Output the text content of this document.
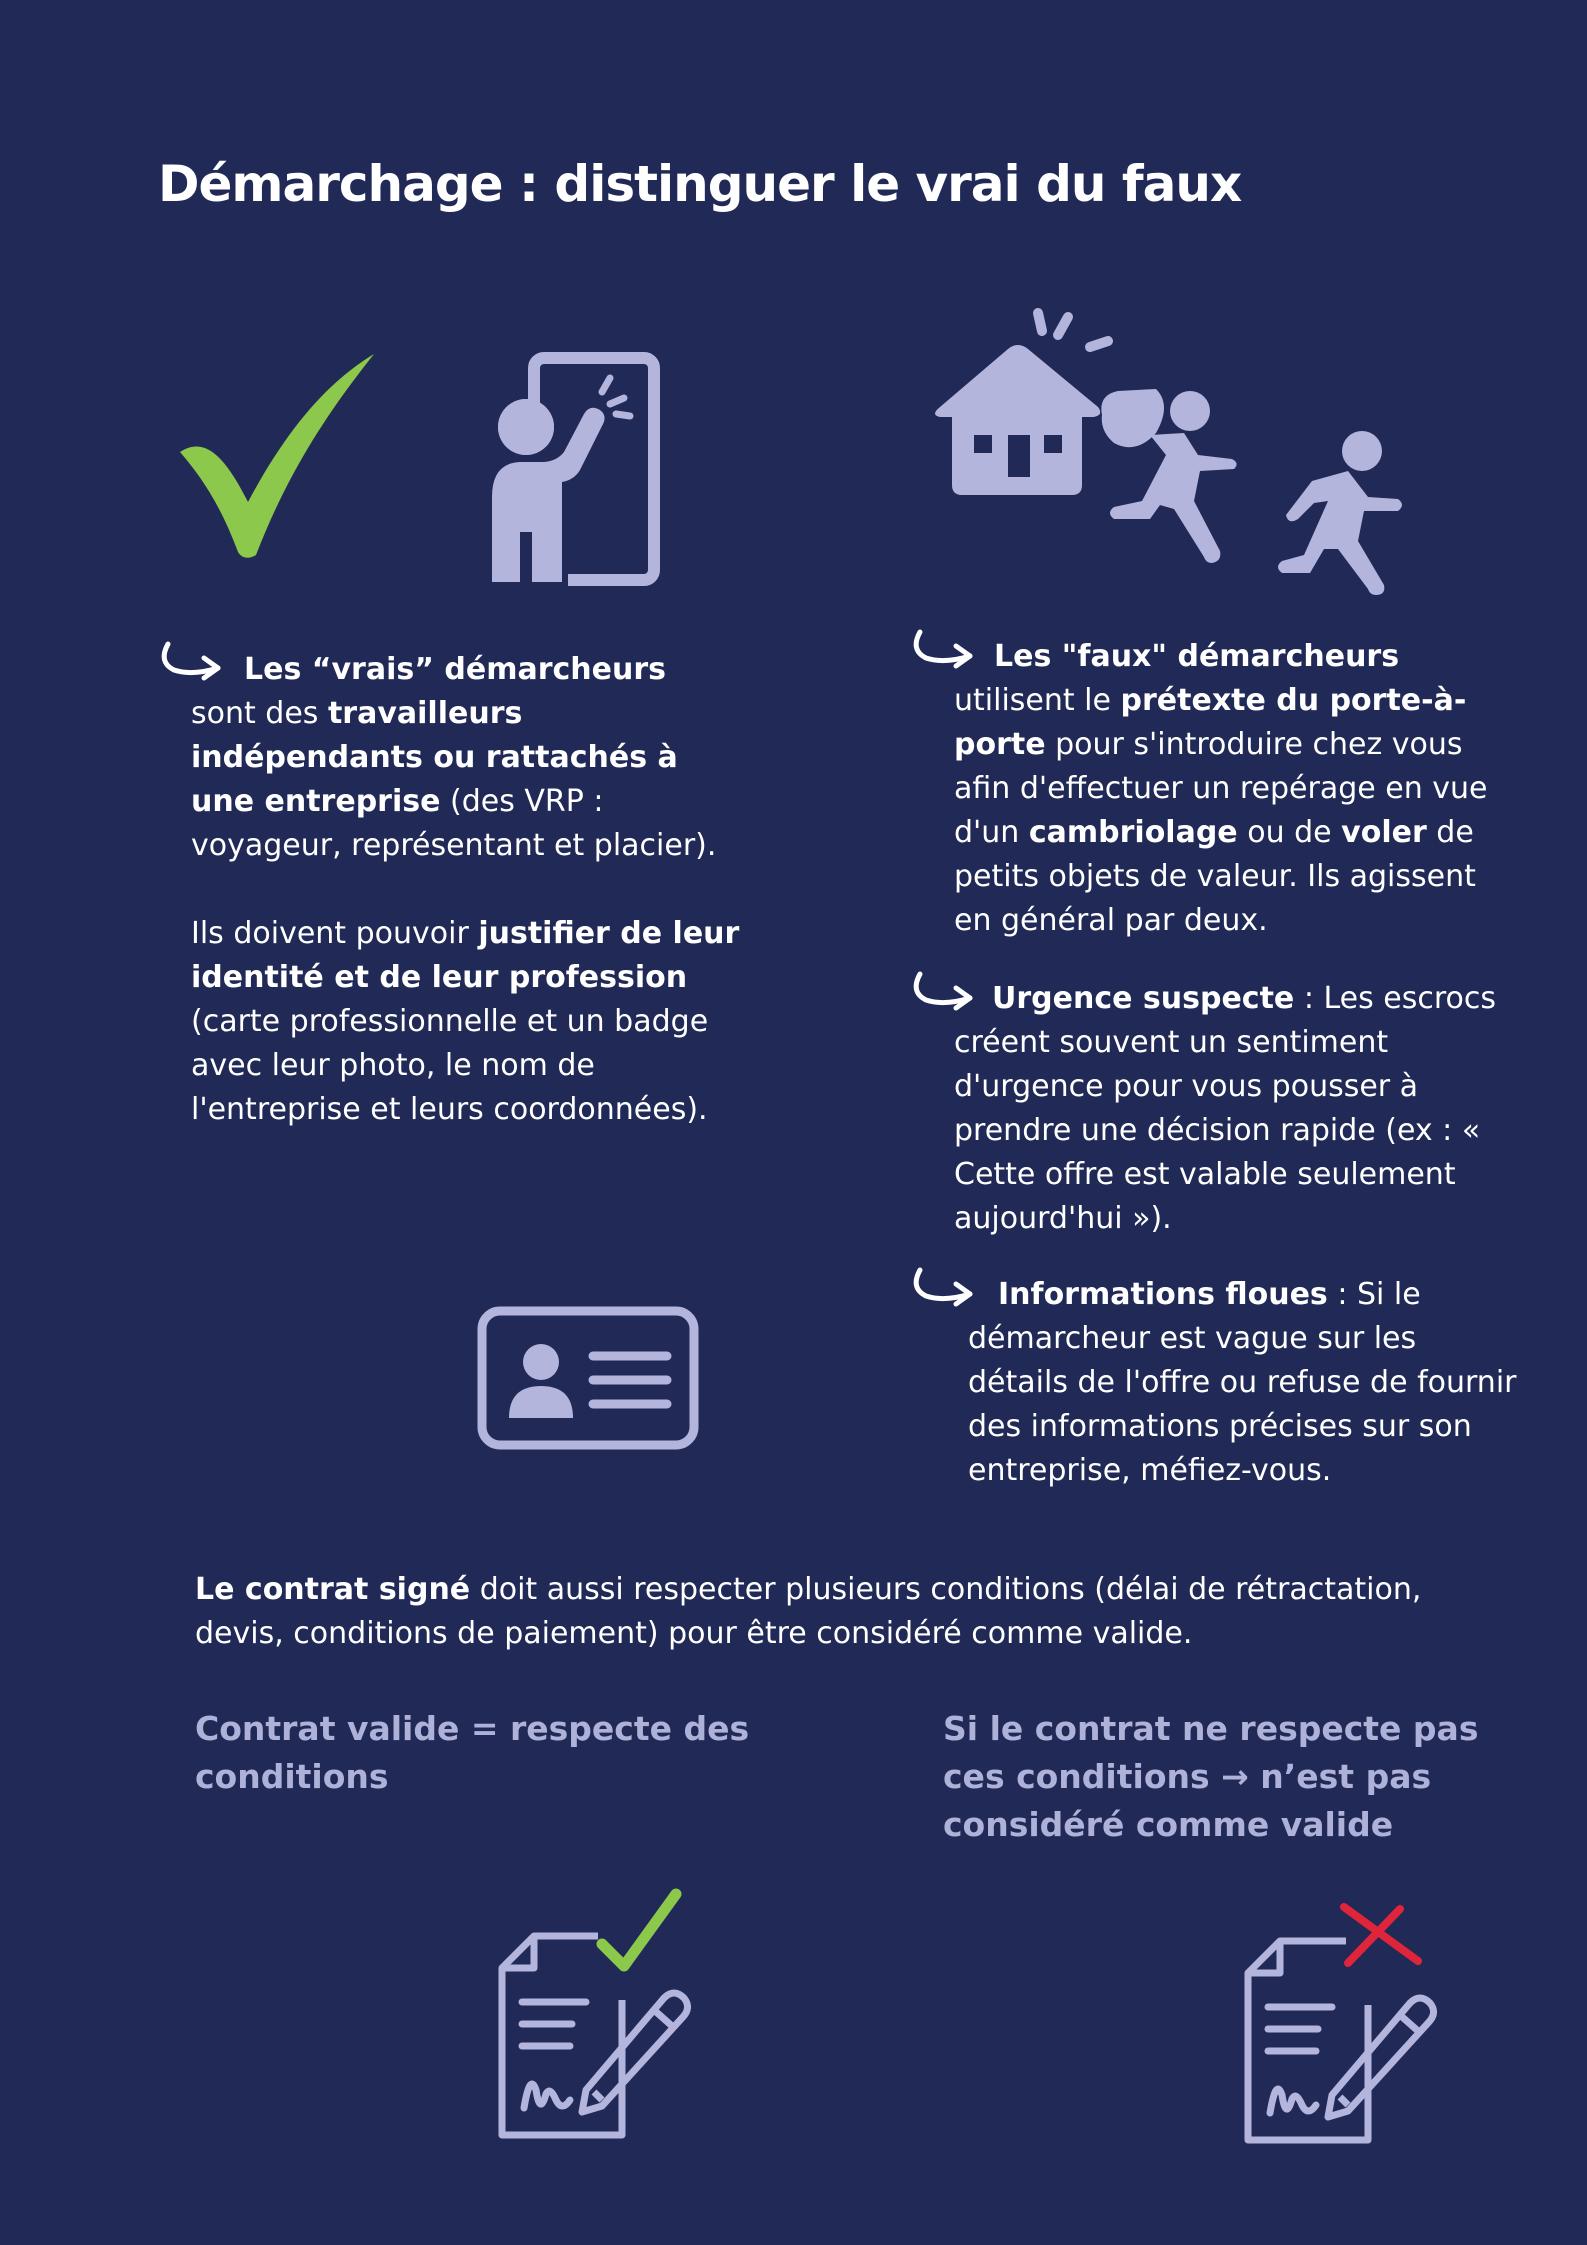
Démarchage : distinguer le vrai du faux

Les “vrais” démarcheurs
sont des travailleurs indépendants ou rattachés à une entreprise (des VRP : voyageur, représentant et placier).

Ils doivent pouvoir justifier de leur identité et de leur profession (carte professionnelle et un badge avec leur photo, le nom de l'entreprise et leurs coordonnées).

Les "faux" démarcheurs
utilisent le prétexte du porte-à-porte pour s'introduire chez vous afin d'effectuer un repérage en vue d'un cambriolage ou de voler de petits objets de valeur. Ils agissent en général par deux.

Urgence suspecte : Les escrocs créent souvent un sentiment d'urgence pour vous pousser à prendre une décision rapide (ex : « Cette offre est valable seulement aujourd'hui »).

Informations floues : Si le démarcheur est vague sur les détails de l'offre ou refuse de fournir des informations précises sur son entreprise, méfiez-vous.

Le contrat signé doit aussi respecter plusieurs conditions (délai de rétractation, devis, conditions de paiement) pour être considéré comme valide.

Contrat valide = respecte des conditions
Si le contrat ne respecte pas ces conditions → n’est pas considéré comme valide
